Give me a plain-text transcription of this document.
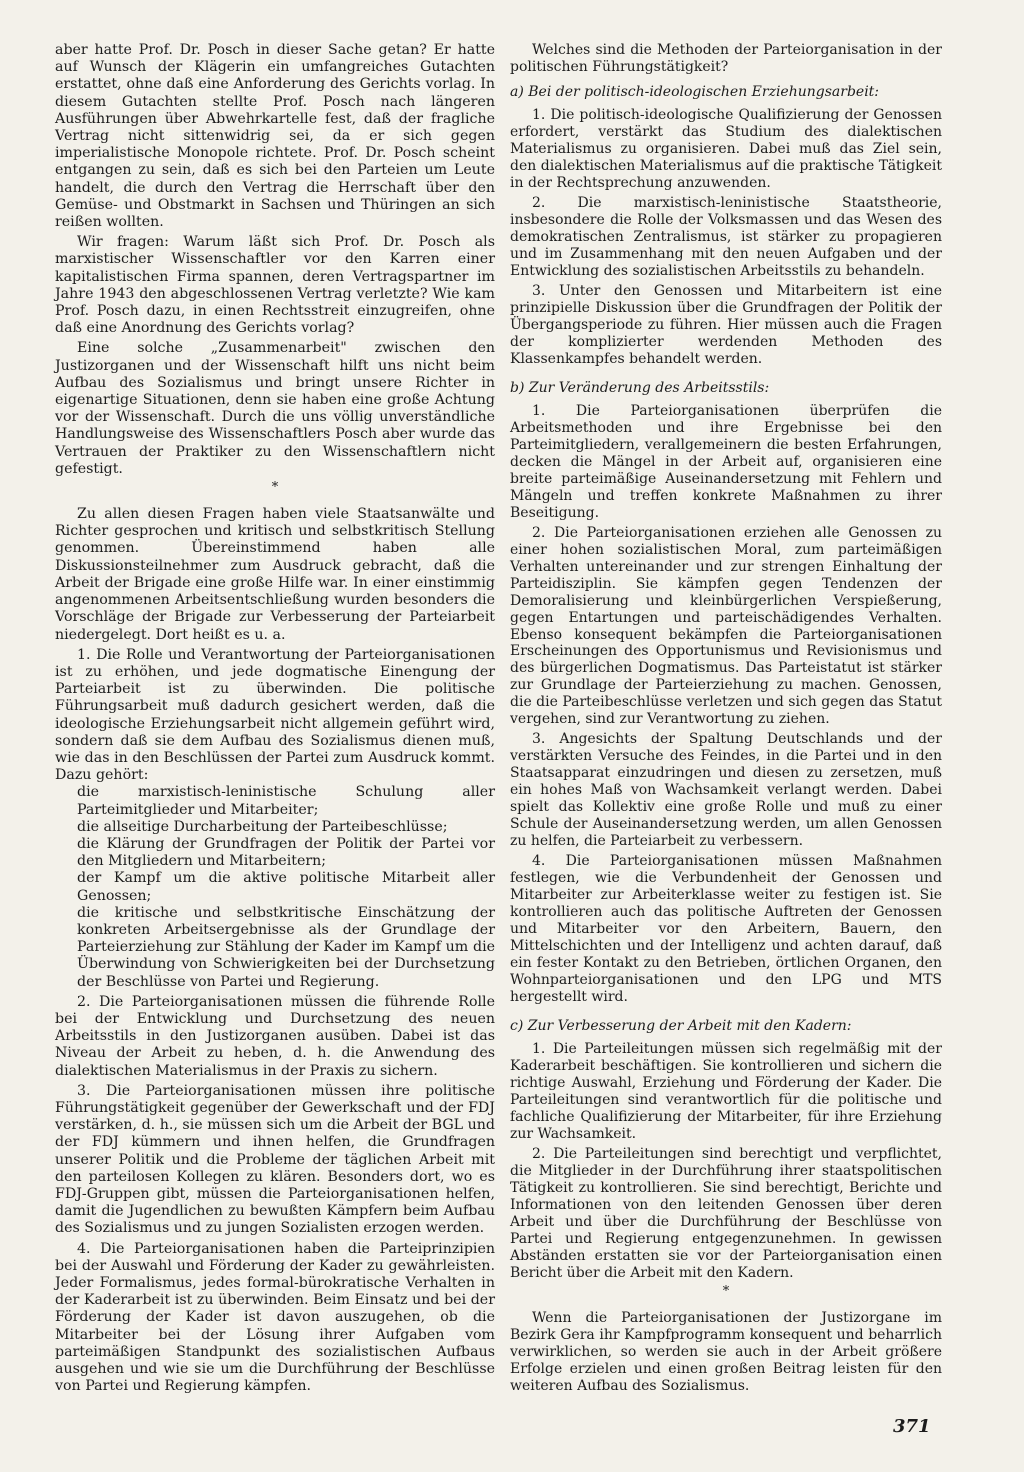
aber hatte Prof. Dr. Posch in dieser Sache getan? Er hatte auf Wunsch der Klägerin ein umfangreiches Gutachten erstattet, ohne daß eine Anforderung des Gerichts vorlag. In diesem Gutachten stellte Prof. Posch nach längeren Ausführungen über Abwehrkartelle fest, daß der fragliche Vertrag nicht sittenwidrig sei, da er sich gegen imperialistische Monopole richtete. Prof. Dr. Posch scheint entgangen zu sein, daß es sich bei den Parteien um Leute handelt, die durch den Vertrag die Herrschaft über den Gemüse- und Obstmarkt in Sachsen und Thüringen an sich reißen wollten.

Wir fragen: Warum läßt sich Prof. Dr. Posch als marxistischer Wissenschaftler vor den Karren einer kapitalistischen Firma spannen, deren Vertragspartner im Jahre 1943 den abgeschlossenen Vertrag verletzte? Wie kam Prof. Posch dazu, in einen Rechtsstreit einzugreifen, ohne daß eine Anordnung des Gerichts vorlag?

Eine solche „Zusammenarbeit" zwischen den Justizorganen und der Wissenschaft hilft uns nicht beim Aufbau des Sozialismus und bringt unsere Richter in eigenartige Situationen, denn sie haben eine große Achtung vor der Wissenschaft. Durch die uns völlig unverständliche Handlungsweise des Wissenschaftlers Posch aber wurde das Vertrauen der Praktiker zu den Wissenschaftlern nicht gefestigt.

*

Zu allen diesen Fragen haben viele Staatsanwälte und Richter gesprochen und kritisch und selbstkritisch Stellung genommen. Übereinstimmend haben alle Diskussionsteilnehmer zum Ausdruck gebracht, daß die Arbeit der Brigade eine große Hilfe war. In einer einstimmig angenommenen Arbeitsentschließung wurden besonders die Vorschläge der Brigade zur Verbesserung der Parteiarbeit niedergelegt. Dort heißt es u. a.

1. Die Rolle und Verantwortung der Parteiorganisationen ist zu erhöhen, und jede dogmatische Einengung der Parteiarbeit ist zu überwinden. Die politische Führungsarbeit muß dadurch gesichert werden, daß die ideologische Erziehungsarbeit nicht allgemein geführt wird, sondern daß sie dem Aufbau des Sozialismus dienen muß, wie das in den Beschlüssen der Partei zum Ausdruck kommt. Dazu gehört:

die marxistisch-leninistische Schulung aller Parteimitglieder und Mitarbeiter;

die allseitige Durcharbeitung der Parteibeschlüsse;

die Klärung der Grundfragen der Politik der Partei vor den Mitgliedern und Mitarbeitern;

der Kampf um die aktive politische Mitarbeit aller Genossen;

die kritische und selbstkritische Einschätzung der konkreten Arbeitsergebnisse als der Grundlage der Parteierziehung zur Stählung der Kader im Kampf um die Überwindung von Schwierigkeiten bei der Durchsetzung der Beschlüsse von Partei und Regierung.

2. Die Parteiorganisationen müssen die führende Rolle bei der Entwicklung und Durchsetzung des neuen Arbeitsstils in den Justizorganen ausüben. Dabei ist das Niveau der Arbeit zu heben, d. h. die Anwendung des dialektischen Materialismus in der Praxis zu sichern.

3. Die Parteiorganisationen müssen ihre politische Führungstätigkeit gegenüber der Gewerkschaft und der FDJ verstärken, d. h., sie müssen sich um die Arbeit der BGL und der FDJ kümmern und ihnen helfen, die Grundfragen unserer Politik und die Probleme der täglichen Arbeit mit den parteilosen Kollegen zu klären. Besonders dort, wo es FDJ-Gruppen gibt, müssen die Parteiorganisationen helfen, damit die Jugendlichen zu bewußten Kämpfern beim Aufbau des Sozialismus und zu jungen Sozialisten erzogen werden.

4. Die Parteiorganisationen haben die Parteiprinzipien bei der Auswahl und Förderung der Kader zu gewährleisten. Jeder Formalismus, jedes formal-bürokratische Verhalten in der Kaderarbeit ist zu überwinden. Beim Einsatz und bei der Förderung der Kader ist davon auszugehen, ob die Mitarbeiter bei der Lösung ihrer Aufgaben vom parteimäßigen Standpunkt des sozialistischen Aufbaus ausgehen und wie sie um die Durchführung der Beschlüsse von Partei und Regierung kämpfen.

Welches sind die Methoden der Parteiorganisation in der politischen Führungstätigkeit?

a) Bei der politisch-ideologischen Erziehungsarbeit:

1. Die politisch-ideologische Qualifizierung der Genossen erfordert, verstärkt das Studium des dialektischen Materialismus zu organisieren. Dabei muß das Ziel sein, den dialektischen Materialismus auf die praktische Tätigkeit in der Rechtsprechung anzuwenden.

2. Die marxistisch-leninistische Staatstheorie, insbesondere die Rolle der Volksmassen und das Wesen des demokratischen Zentralismus, ist stärker zu propagieren und im Zusammenhang mit den neuen Aufgaben und der Entwicklung des sozialistischen Arbeitsstils zu behandeln.

3. Unter den Genossen und Mitarbeitern ist eine prinzipielle Diskussion über die Grundfragen der Politik der Übergangsperiode zu führen. Hier müssen auch die Fragen der komplizierter werdenden Methoden des Klassenkampfes behandelt werden.

b) Zur Veränderung des Arbeitsstils:

1. Die Parteiorganisationen überprüfen die Arbeitsmethoden und ihre Ergebnisse bei den Parteimitgliedern, verallgemeinern die besten Erfahrungen, decken die Mängel in der Arbeit auf, organisieren eine breite parteimäßige Auseinandersetzung mit Fehlern und Mängeln und treffen konkrete Maßnahmen zu ihrer Beseitigung.

2. Die Parteiorganisationen erziehen alle Genossen zu einer hohen sozialistischen Moral, zum parteimäßigen Verhalten untereinander und zur strengen Einhaltung der Parteidisziplin. Sie kämpfen gegen Tendenzen der Demoralisierung und kleinbürgerlichen Verspießerung, gegen Entartungen und parteischädigendes Verhalten. Ebenso konsequent bekämpfen die Parteiorganisationen Erscheinungen des Opportunismus und Revisionismus und des bürgerlichen Dogmatismus. Das Parteistatut ist stärker zur Grundlage der Parteierziehung zu machen. Genossen, die die Parteibeschlüsse verletzen und sich gegen das Statut vergehen, sind zur Verantwortung zu ziehen.

3. Angesichts der Spaltung Deutschlands und der verstärkten Versuche des Feindes, in die Partei und in den Staatsapparat einzudringen und diesen zu zersetzen, muß ein hohes Maß von Wachsamkeit verlangt werden. Dabei spielt das Kollektiv eine große Rolle und muß zu einer Schule der Auseinandersetzung werden, um allen Genossen zu helfen, die Parteiarbeit zu verbessern.

4. Die Parteiorganisationen müssen Maßnahmen festlegen, wie die Verbundenheit der Genossen und Mitarbeiter zur Arbeiterklasse weiter zu festigen ist. Sie kontrollieren auch das politische Auftreten der Genossen und Mitarbeiter vor den Arbeitern, Bauern, den Mittelschichten und der Intelligenz und achten darauf, daß ein fester Kontakt zu den Betrieben, örtlichen Organen, den Wohnparteiorganisationen und den LPG und MTS hergestellt wird.

c) Zur Verbesserung der Arbeit mit den Kadern:

1. Die Parteileitungen müssen sich regelmäßig mit der Kaderarbeit beschäftigen. Sie kontrollieren und sichern die richtige Auswahl, Erziehung und Förderung der Kader. Die Parteileitungen sind verantwortlich für die politische und fachliche Qualifizierung der Mitarbeiter, für ihre Erziehung zur Wachsamkeit.

2. Die Parteileitungen sind berechtigt und verpflichtet, die Mitglieder in der Durchführung ihrer staatspolitischen Tätigkeit zu kontrollieren. Sie sind berechtigt, Berichte und Informationen von den leitenden Genossen über deren Arbeit und über die Durchführung der Beschlüsse von Partei und Regierung entgegenzunehmen. In gewissen Abständen erstatten sie vor der Parteiorganisation einen Bericht über die Arbeit mit den Kadern.

*

Wenn die Parteiorganisationen der Justizorgane im Bezirk Gera ihr Kampfprogramm konsequent und beharrlich verwirklichen, so werden sie auch in der Arbeit größere Erfolge erzielen und einen großen Beitrag leisten für den weiteren Aufbau des Sozialismus.

371
